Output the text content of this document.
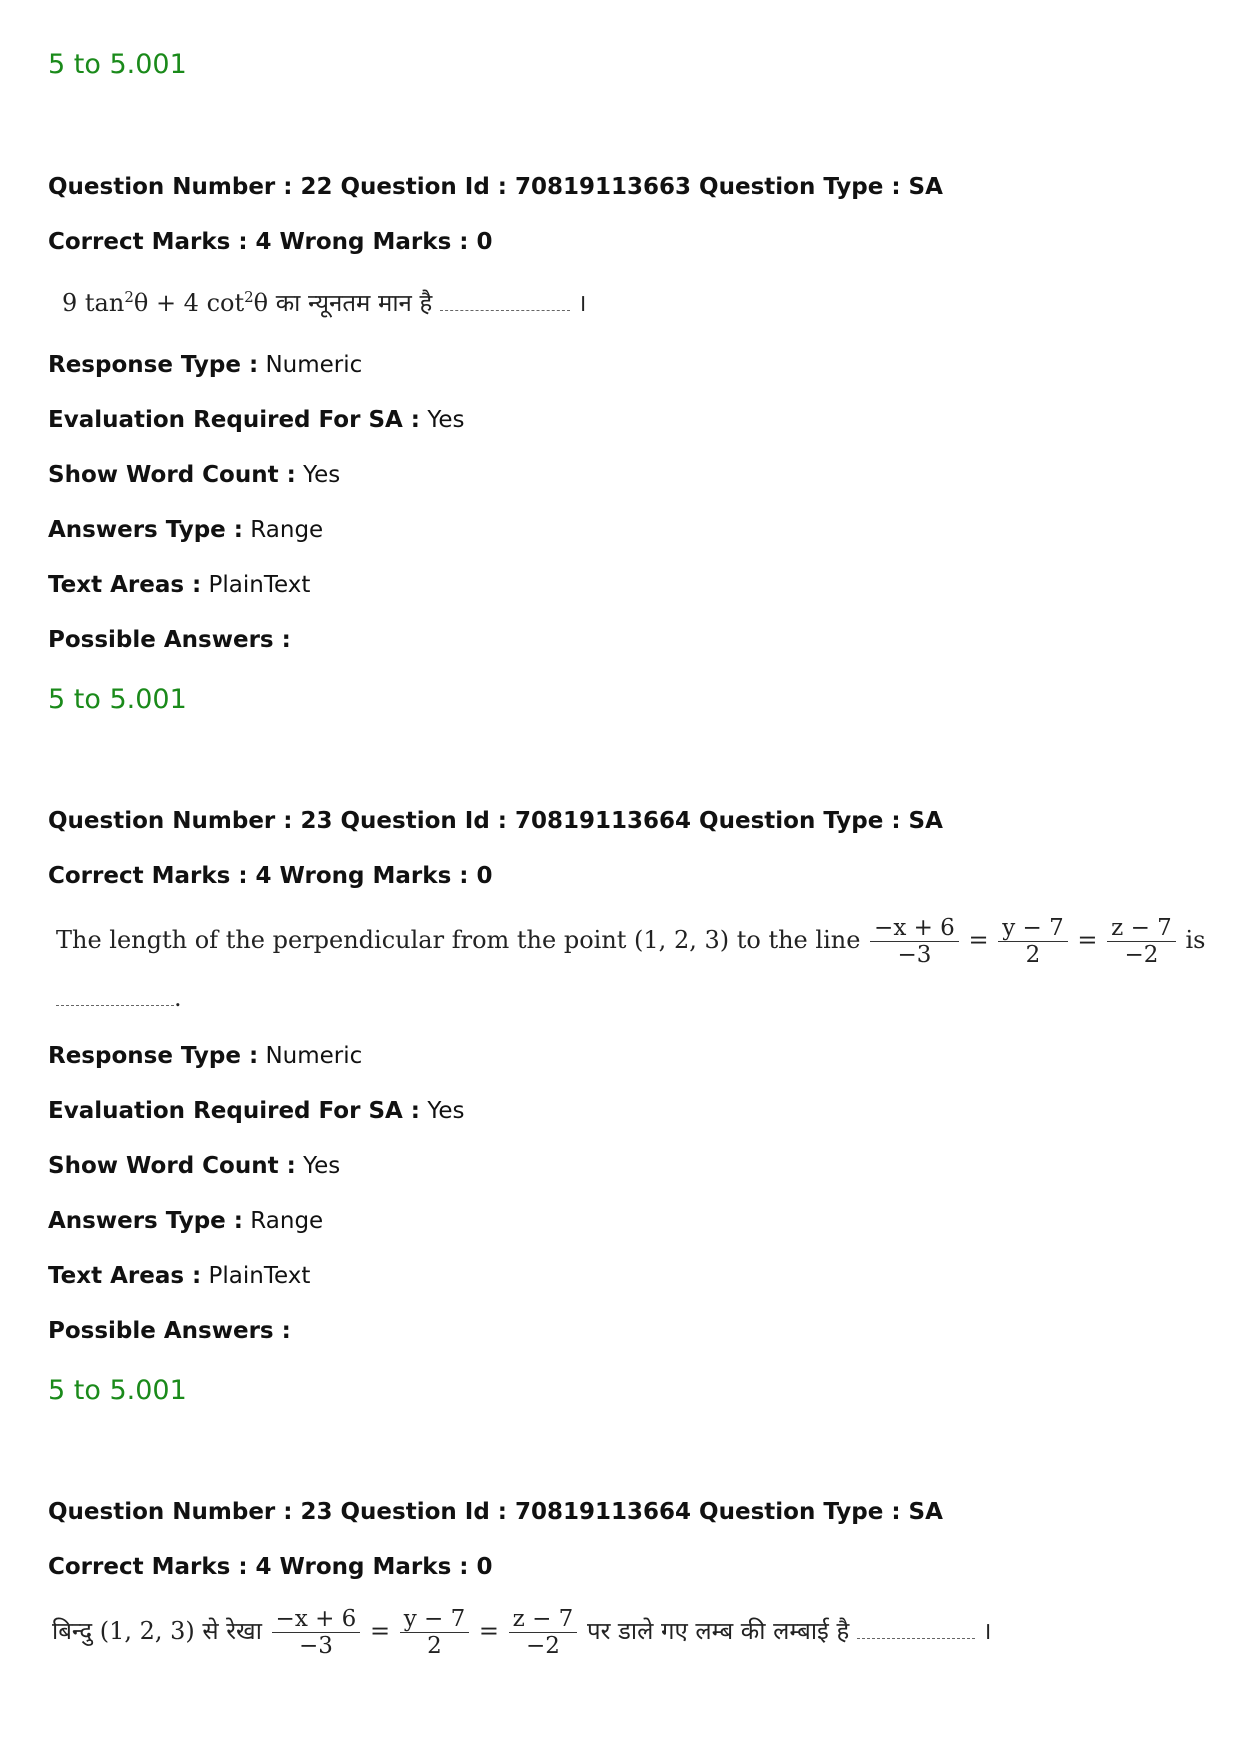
5 to 5.001
Question Number : 22 Question Id : 70819113663 Question Type : SA
Correct Marks : 4 Wrong Marks : 0
9 $\tan^2\theta + 4$ $\cot^2\theta$ का न्यूनतम मान है	।
Response Type : Numeric
Evaluation Required For SA : Yes
Show Word Count : Yes
Answers Type : Range
Text Areas : PlainText
Possible Answers :
5 to 5.001
Question Number : 23 Question Id : 70819113664 Question Type : SA
Correct Marks : 4 Wrong Marks : 0
The length of the perpendicular from the point (1, 2, 3) to the line $\frac{-x + 6}{-3} = \frac{y - 7}{2} = \frac{z - 7}{-2}$ is
.
Response Type : Numeric
Evaluation Required For SA : Yes
Show Word Count : Yes
Answers Type : Range
Text Areas : PlainText
Possible Answers :
5 to 5.001
Question Number : 23 Question Id : 70819113664 Question Type : SA
Correct Marks : 4 Wrong Marks : 0
बिन्दु (1, 2, 3) से रेखा $\frac{-x + 6}{-3} = \frac{y - 7}{2} = \frac{z - 7}{-2}$ पर डाले गए लम्ब की लम्बाई है	।
